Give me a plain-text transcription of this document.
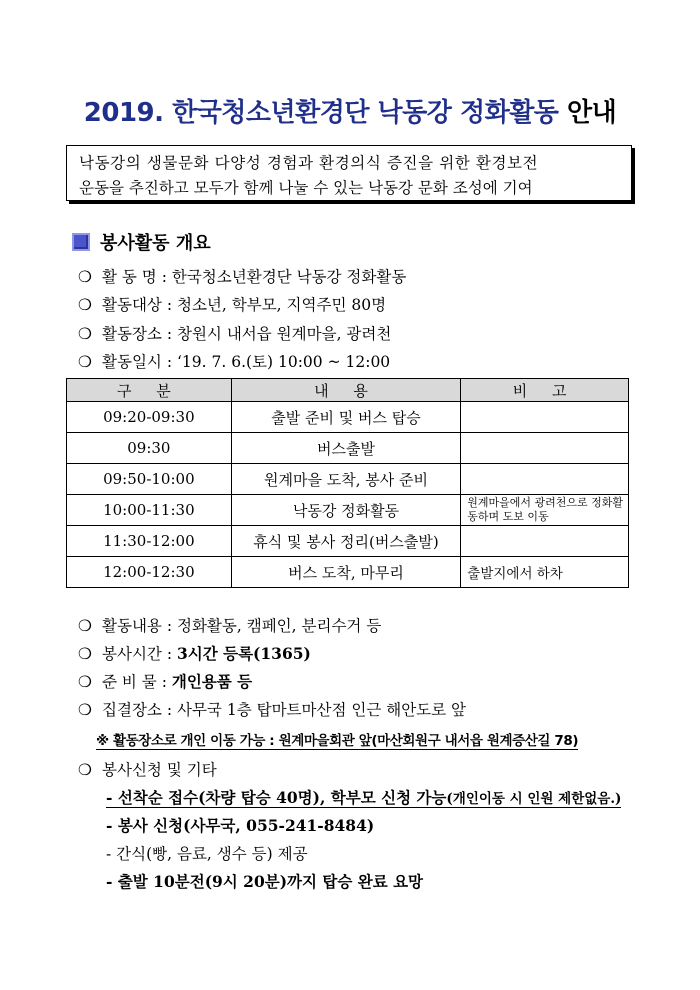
2019. 한국청소년환경단 낙동강 정화활동 안내
낙동강의 생물문화 다양성 경험과 환경의식 증진을 위한 환경보전
운동을 추진하고 모두가 함께 나눌 수 있는 낙동강 문화 조성에 기여
봉사활동 개요
❍ 활 동 명 : 한국청소년환경단 낙동강 정화활동
❍ 활동대상 : 청소년, 학부모, 지역주민 80명
❍ 활동장소 : 창원시 내서읍 원계마을, 광려천
❍ 활동일시 : ‘19. 7. 6.(토) 10:00 ~ 12:00
구 분	내 용	비 고
09:20-09:30	출발 준비 및 버스 탑승	
09:30	버스출발	
09:50-10:00	원계마을 도착, 봉사 준비	
10:00-11:30	낙동강 정화활동	원계마을에서 광려천으로 정화활동하며 도보 이동
11:30-12:00	휴식 및 봉사 정리(버스출발)	
12:00-12:30	버스 도착, 마무리	출발지에서 하차
❍ 활동내용 : 정화활동, 캠페인, 분리수거 등
❍ 봉사시간 : 3시간 등록(1365)
❍ 준 비 물 : 개인용품 등
❍ 집결장소 : 사무국 1층 탑마트마산점 인근 해안도로 앞
※ 활동장소로 개인 이동 가능 : 원계마을회관 앞(마산회원구 내서읍 원계증산길 78)
❍ 봉사신청 및 기타
- 선착순 접수(차량 탑승 40명), 학부모 신청 가능(개인이동 시 인원 제한없음.)
- 봉사 신청(사무국, 055-241-8484)
- 간식(빵, 음료, 생수 등) 제공
- 출발 10분전(9시 20분)까지 탑승 완료 요망
